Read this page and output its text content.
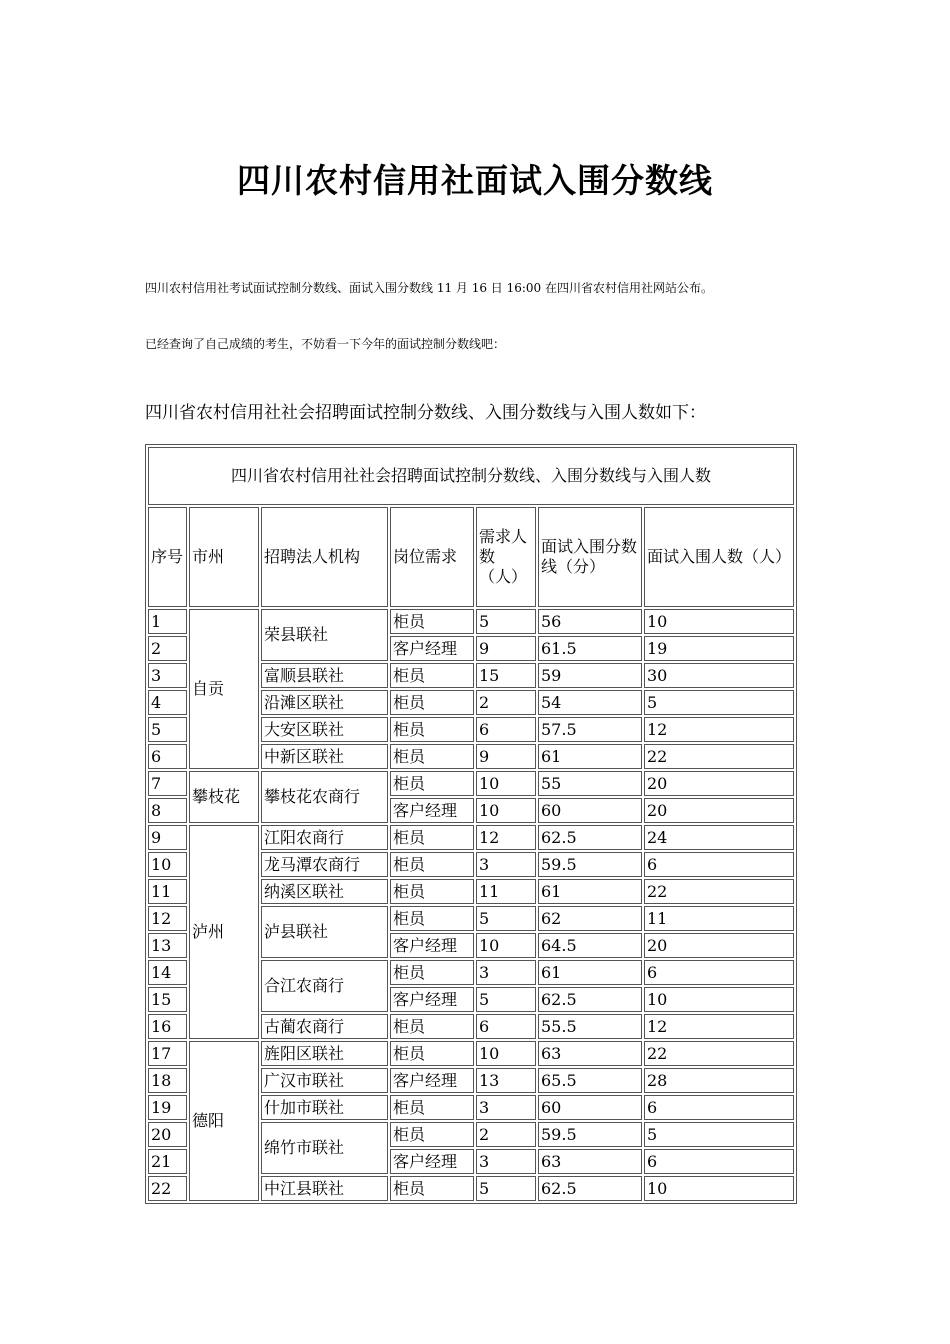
四川农村信用社面试入围分数线
四川农村信用社考试面试控制分数线、面试入围分数线 11 月 16 日 16:00 在四川省农村信用社网站公布。
已经查询了自己成绩的考生，不妨看一下今年的面试控制分数线吧：
四川省农村信用社社会招聘面试控制分数线、入围分数线与入围人数如下：
四川省农村信用社社会招聘面试控制分数线、入围分数线与入围人数						
序号	市州	招聘法人机构	岗位需求	需求人数（人）	面试入围分数线（分）	面试入围人数（人）
1	自贡	荣县联社	柜员	5	56	10
2			客户经理	9	61.5	19
3		富顺县联社	柜员	15	59	30
4		沿滩区联社	柜员	2	54	5
5		大安区联社	柜员	6	57.5	12
6		中新区联社	柜员	9	61	22
7	攀枝花	攀枝花农商行	柜员	10	55	20
8			客户经理	10	60	20
9	泸州	江阳农商行	柜员	12	62.5	24
10		龙马潭农商行	柜员	3	59.5	6
11		纳溪区联社	柜员	11	61	22
12		泸县联社	柜员	5	62	11
13			客户经理	10	64.5	20
14		合江农商行	柜员	3	61	6
15			客户经理	5	62.5	10
16		古蔺农商行	柜员	6	55.5	12
17	德阳	旌阳区联社	柜员	10	63	22
18		广汉市联社	客户经理	13	65.5	28
19		什加市联社	柜员	3	60	6
20		绵竹市联社	柜员	2	59.5	5
21			客户经理	3	63	6
22		中江县联社	柜员	5	62.5	10
